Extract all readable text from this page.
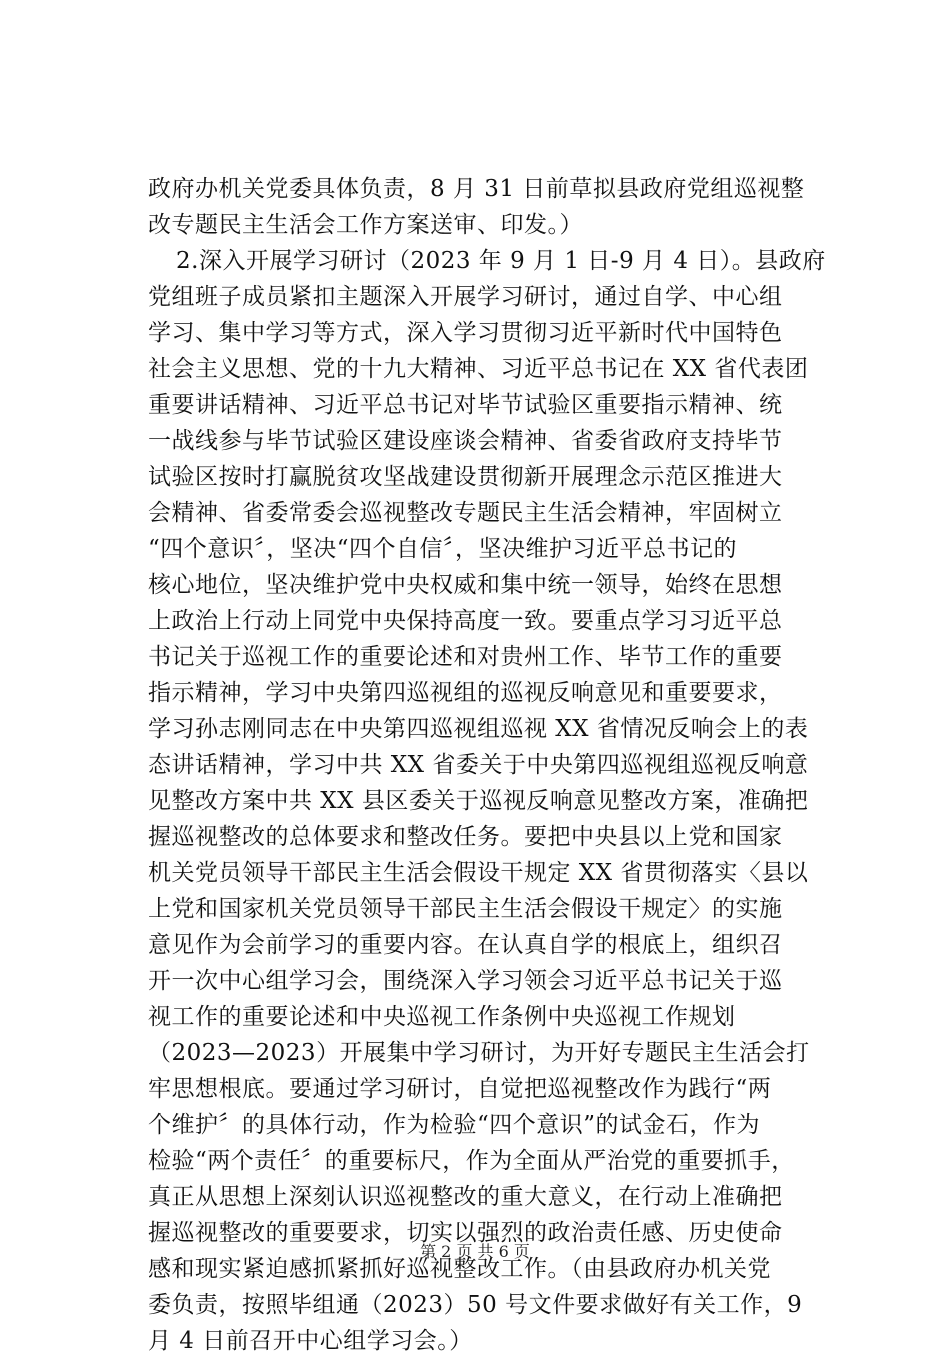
政府办机关党委具体负责，8 月 31 日前草拟县政府党组巡视整
改专题民主生活会工作方案送审、印发。）
2.深入开展学习研讨（2023 年 9 月 1 日-9 月 4 日）。县政府
党组班子成员紧扣主题深入开展学习研讨，通过自学、中心组
学习、集中学习等方式，深入学习贯彻习近平新时代中国特色
社会主义思想、党的十九大精神、习近平总书记在 XX 省代表团
重要讲话精神、习近平总书记对毕节试验区重要指示精神、统
一战线参与毕节试验区建设座谈会精神、省委省政府支持毕节
试验区按时打赢脱贫攻坚战建设贯彻新开展理念示范区推进大
会精神、省委常委会巡视整改专题民主生活会精神，牢固树立
“四个意识〞，坚决“四个自信〞，坚决维护习近平总书记的
核心地位，坚决维护党中央权威和集中统一领导，始终在思想
上政治上行动上同党中央保持高度一致。要重点学习习近平总
书记关于巡视工作的重要论述和对贵州工作、毕节工作的重要
指示精神，学习中央第四巡视组的巡视反响意见和重要要求，
学习孙志刚同志在中央第四巡视组巡视 XX 省情况反响会上的表
态讲话精神，学习中共 XX 省委关于中央第四巡视组巡视反响意
见整改方案中共 XX 县区委关于巡视反响意见整改方案，准确把
握巡视整改的总体要求和整改任务。要把中央县以上党和国家
机关党员领导干部民主生活会假设干规定 XX 省贯彻落实〈县以
上党和国家机关党员领导干部民主生活会假设干规定〉的实施
意见作为会前学习的重要内容。在认真自学的根底上，组织召
开一次中心组学习会，围绕深入学习领会习近平总书记关于巡
视工作的重要论述和中央巡视工作条例中央巡视工作规划
（2023—2023）开展集中学习研讨，为开好专题民主生活会打
牢思想根底。要通过学习研讨，自觉把巡视整改作为践行“两
个维护〞的具体行动，作为检验“四个意识”的试金石，作为
检验“两个责任〞的重要标尺，作为全面从严治党的重要抓手，
真正从思想上深刻认识巡视整改的重大意义，在行动上准确把
握巡视整改的重要要求，切实以强烈的政治责任感、历史使命
感和现实紧迫感抓紧抓好巡视整改工作。（由县政府办机关党
委负责，按照毕组通（2023）50 号文件要求做好有关工作，9
月 4 日前召开中心组学习会。）
第 2 页 共 6 页
